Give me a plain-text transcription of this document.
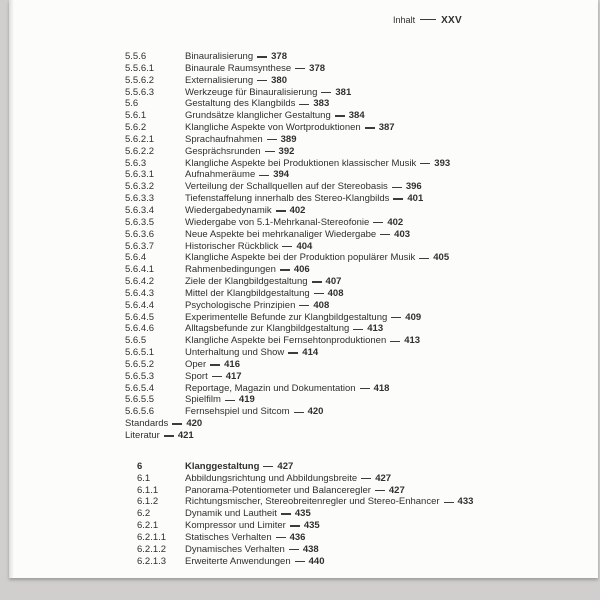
Inhalt	XXV
5.5.6	Binauralisierung 378
5.5.6.1	Binaurale Raumsynthese 378
5.5.6.2	Externalisierung 380
5.5.6.3	Werkzeuge für Binauralisierung 381
5.6	Gestaltung des Klangbilds 383
5.6.1	Grundsätze klanglicher Gestaltung 384
5.6.2	Klangliche Aspekte von Wortproduktionen 387
5.6.2.1	Sprachaufnahmen 389
5.6.2.2	Gesprächsrunden 392
5.6.3	Klangliche Aspekte bei Produktionen klassischer Musik 393
5.6.3.1	Aufnahmeräume 394
5.6.3.2	Verteilung der Schallquellen auf der Stereobasis 396
5.6.3.3	Tiefenstaffelung innerhalb des Stereo-Klangbilds 401
5.6.3.4	Wiedergabedynamik 402
5.6.3.5	Wiedergabe von 5.1-Mehrkanal-Stereofonie 402
5.6.3.6	Neue Aspekte bei mehrkanaliger Wiedergabe 403
5.6.3.7	Historischer Rückblick 404
5.6.4	Klangliche Aspekte bei der Produktion populärer Musik 405
5.6.4.1	Rahmenbedingungen 406
5.6.4.2	Ziele der Klangbildgestaltung 407
5.6.4.3	Mittel der Klangbildgestaltung 408
5.6.4.4	Psychologische Prinzipien 408
5.6.4.5	Experimentelle Befunde zur Klangbildgestaltung 409
5.6.4.6	Alltagsbefunde zur Klangbildgestaltung 413
5.6.5	Klangliche Aspekte bei Fernsehtonproduktionen 413
5.6.5.1	Unterhaltung und Show 414
5.6.5.2	Oper 416
5.6.5.3	Sport 417
5.6.5.4	Reportage, Magazin und Dokumentation 418
5.6.5.5	Spielfilm 419
5.6.5.6	Fernsehspiel und Sitcom 420
Standards 420
Literatur 421
6	Klanggestaltung 427
6.1	Abbildungsrichtung und Abbildungsbreite 427
6.1.1	Panorama-Potentiometer und Balanceregler 427
6.1.2	Richtungsmischer, Stereobreitenregler und Stereo-Enhancer 433
6.2	Dynamik und Lautheit 435
6.2.1	Kompressor und Limiter 435
6.2.1.1	Statisches Verhalten 436
6.2.1.2	Dynamisches Verhalten 438
6.2.1.3	Erweiterte Anwendungen 440
